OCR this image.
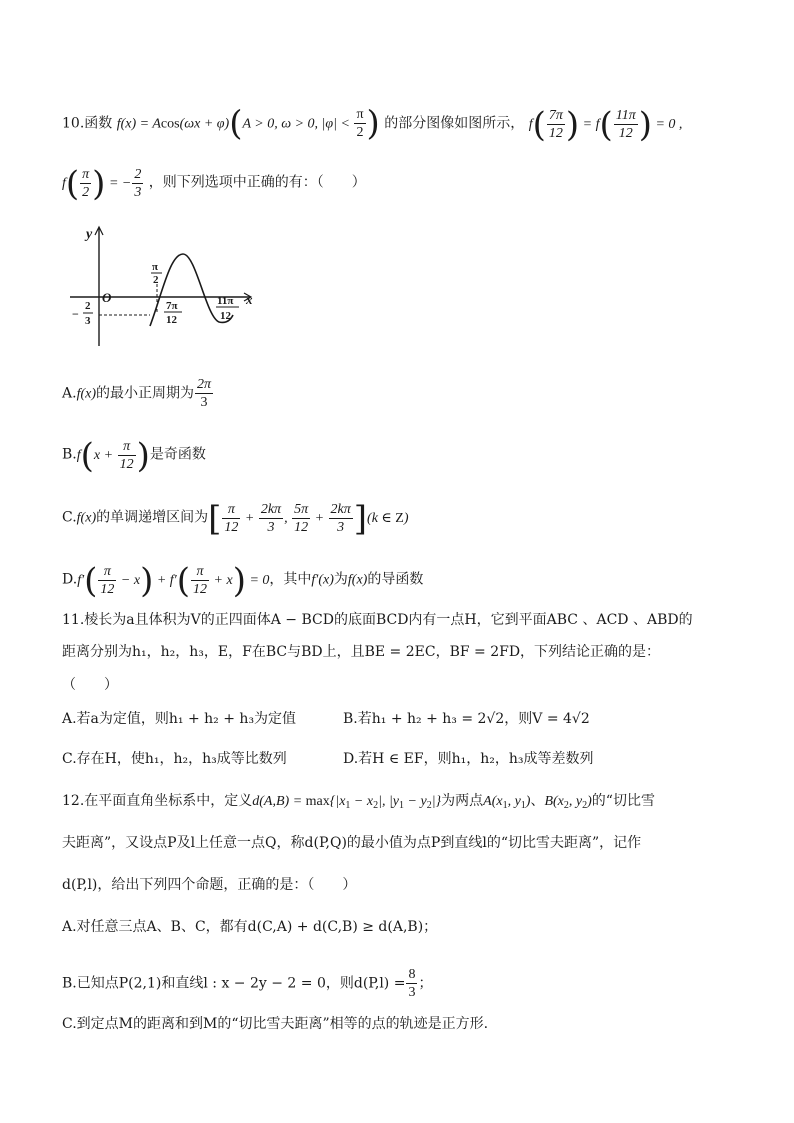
10.函数 f(x) = Acos(ωx + φ)(A > 0, ω > 0, $|\varphi| < \frac{\pi}{2}$ ) 的部分图像如图所示， $f( \frac{7\pi}{12}$ ) = $f( \frac{11\pi}{12}$ ) = 0 ,
$f( \frac{\pi}{2}$ ) = − $\frac{2}{3}$ ，则下列选项中正确的有：（　　）
y
x
O
π
2
−
2
3
7π
12
11π
12
A.f(x)的最小正周期为 $\frac{2\pi}{3}$
$B.f(x + \frac{\pi}{12}$ )是奇函数
C.f(x)的单调递增区间为[ $\frac{\pi}{12} + \frac{2k\pi}{3}$ , $\frac{5\pi}{12} + \frac{2k\pi}{3} ](k$ ∈ Z)
$D.f'( \frac{\pi}{12} - x) + f'( \frac{\pi}{12} + x) = 0$，其中f′(x)为f(x)的导函数
11.棱长为a且体积为V的正四面体A − BCD的底面BCD内有一点H，它到平面ABC 、ACD 、ABD的
距离分别为h₁，h₂，h₃，E，F在BC与BD上，且BE = 2EC，BF = 2FD，下列结论正确的是：
（　　）
A.若a为定值，则h₁ + h₂ + h₃为定值	B.若h₁ + h₂ + h₃ = 2√2，则V = 4√2
C.存在H，使h₁，h₂，h₃成等比数列	D.若H ∈ EF，则h₁，h₂，h₃成等差数列
12.在平面直角坐标系中，定义$d(A,B) = \max\{|x_1 - x_2|$, $|y_1 - y_2|$}为两点$A(x_1$, $y_1$)、$B(x_2$, $y_2$)的“切比雪
夫距离”，又设点P及l上任意一点Q，称d(P,Q)的最小值为点P到直线l的“切比雪夫距离”，记作
d(P,l)，给出下列四个命题，正确的是：（　　）
A.对任意三点A、B、C，都有d(C,A) + d(C,B) ≥ d(A,B)；
B.已知点P(2,1)和直线l : x − 2y − 2 = 0，则$d(P,l) = \frac{8}{3}$ ；
C.到定点M的距离和到M的“切比雪夫距离”相等的点的轨迹是正方形.
